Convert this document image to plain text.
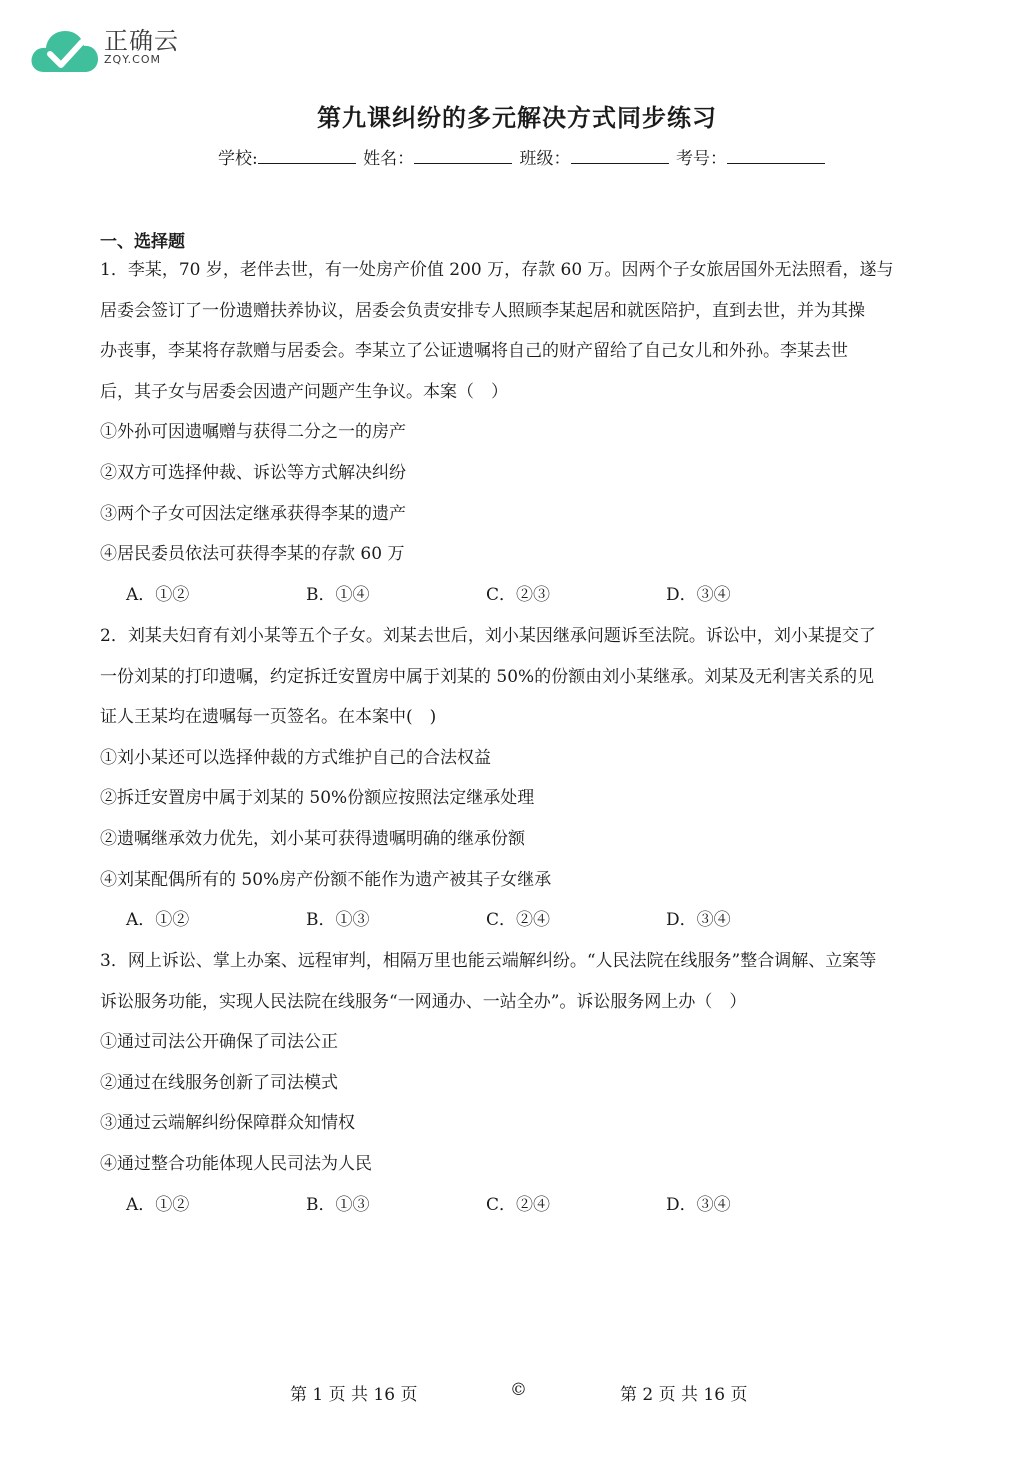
正确云
ZQY.COM
第九课纠纷的多元解决方式同步练习
学校:	姓名：	班级：	考号：
一、选择题

1．李某，70 岁，老伴去世，有一处房产价值 200 万，存款 60 万。因两个子女旅居国外无法照看，遂与

居委会签订了一份遗赠扶养协议，居委会负责安排专人照顾李某起居和就医陪护，直到去世，并为其操

办丧事，李某将存款赠与居委会。李某立了公证遗嘱将自己的财产留给了自己女儿和外孙。李某去世

后，其子女与居委会因遗产问题产生争议。本案（　）

①外孙可因遗嘱赠与获得二分之一的房产

②双方可选择仲裁、诉讼等方式解决纠纷

③两个子女可因法定继承获得李某的遗产

④居民委员依法可获得李某的存款 60 万

A．①②	B．①④	C．②③	D．③④

2．刘某夫妇育有刘小某等五个子女。刘某去世后，刘小某因继承问题诉至法院。诉讼中，刘小某提交了

一份刘某的打印遗嘱，约定拆迁安置房中属于刘某的 50%的份额由刘小某继承。刘某及无利害关系的见

证人王某均在遗嘱每一页签名。在本案中(　)

①刘小某还可以选择仲裁的方式维护自己的合法权益

②拆迁安置房中属于刘某的 50%份额应按照法定继承处理

②遗嘱继承效力优先，刘小某可获得遗嘱明确的继承份额

④刘某配偶所有的 50%房产份额不能作为遗产被其子女继承

A．①②	B．①③	C．②④	D．③④

3．网上诉讼、掌上办案、远程审判，相隔万里也能云端解纠纷。“人民法院在线服务”整合调解、立案等

诉讼服务功能，实现人民法院在线服务“一网通办、一站全办”。诉讼服务网上办（　）

①通过司法公开确保了司法公正

②通过在线服务创新了司法模式

③通过云端解纠纷保障群众知情权

④通过整合功能体现人民司法为人民

A．①②	B．①③	C．②④	D．③④
第 1 页 共 16 页	©	第 2 页 共 16 页
